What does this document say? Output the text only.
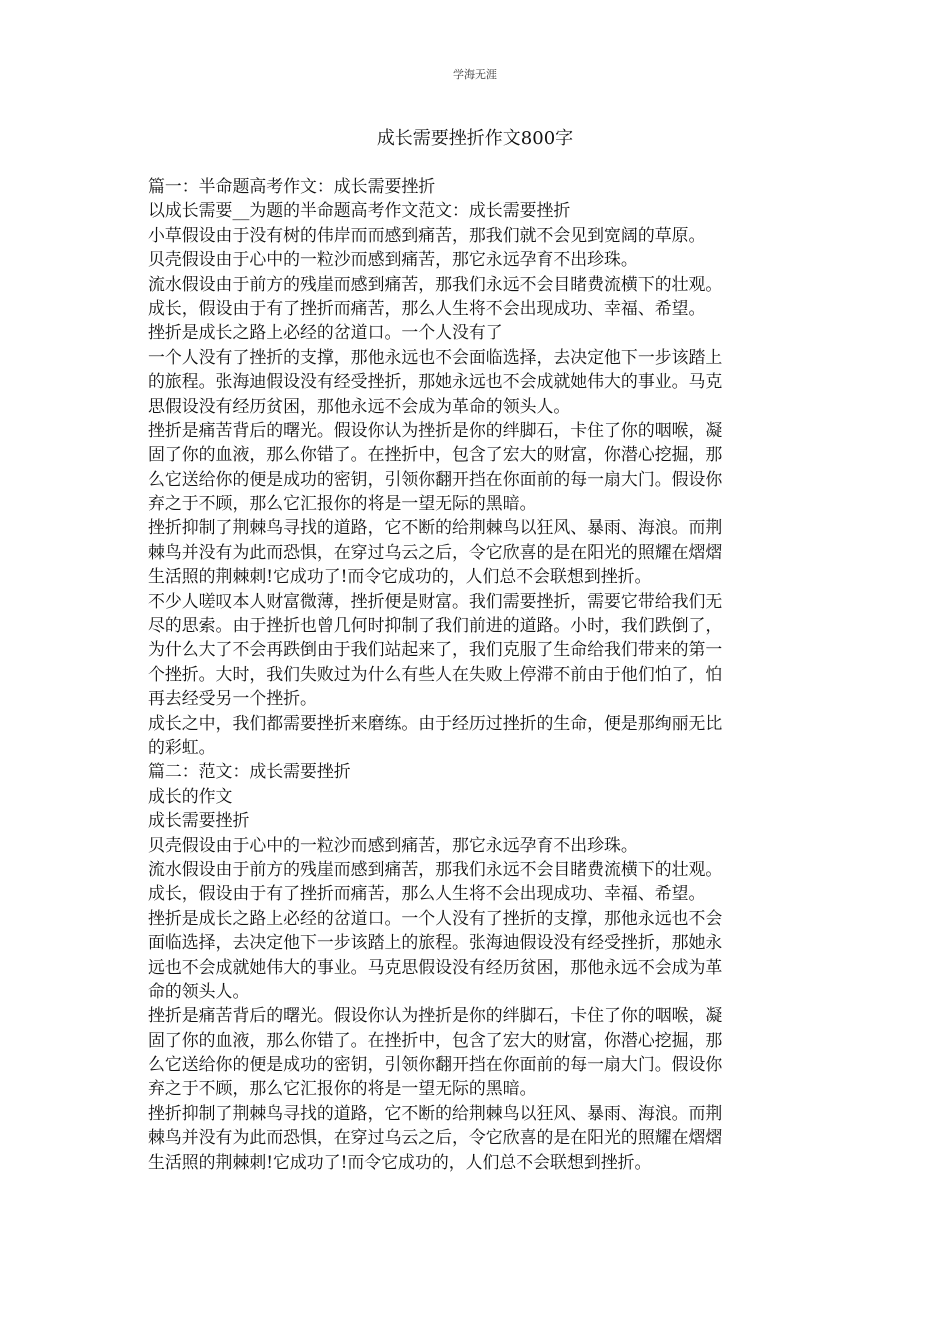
学海无涯
成长需要挫折作文800字
篇一：半命题高考作文：成长需要挫折
以成长需要__为题的半命题高考作文范文：成长需要挫折
小草假设由于没有树的伟岸而而感到痛苦，那我们就不会见到宽阔的草原。
贝壳假设由于心中的一粒沙而感到痛苦，那它永远孕育不出珍珠。
流水假设由于前方的残崖而感到痛苦，那我们永远不会目睹费流横下的壮观。
成长，假设由于有了挫折而痛苦，那么人生将不会出现成功、幸福、希望。
挫折是成长之路上必经的岔道口。一个人没有了
一个人没有了挫折的支撑，那他永远也不会面临选择，去决定他下一步该踏上
的旅程。张海迪假设没有经受挫折，那她永远也不会成就她伟大的事业。马克
思假设没有经历贫困，那他永远不会成为革命的领头人。
挫折是痛苦背后的曙光。假设你认为挫折是你的绊脚石，卡住了你的咽喉，凝
固了你的血液，那么你错了。在挫折中，包含了宏大的财富，你潜心挖掘，那
么它送给你的便是成功的密钥，引领你翻开挡在你面前的每一扇大门。假设你
弃之于不顾，那么它汇报你的将是一望无际的黑暗。
挫折抑制了荆棘鸟寻找的道路，它不断的给荆棘鸟以狂风、暴雨、海浪。而荆
棘鸟并没有为此而恐惧，在穿过乌云之后，令它欣喜的是在阳光的照耀在熠熠
生活照的荆棘刺!它成功了!而令它成功的，人们总不会联想到挫折。
不少人嗟叹本人财富微薄，挫折便是财富。我们需要挫折，需要它带给我们无
尽的思索。由于挫折也曾几何时抑制了我们前进的道路。小时，我们跌倒了，
为什么大了不会再跌倒由于我们站起来了，我们克服了生命给我们带来的第一
个挫折。大时，我们失败过为什么有些人在失败上停滞不前由于他们怕了，怕
再去经受另一个挫折。
成长之中，我们都需要挫折来磨练。由于经历过挫折的生命，便是那绚丽无比
的彩虹。
篇二：范文：成长需要挫折
成长的作文
成长需要挫折
贝壳假设由于心中的一粒沙而感到痛苦，那它永远孕育不出珍珠。
流水假设由于前方的残崖而感到痛苦，那我们永远不会目睹费流横下的壮观。
成长，假设由于有了挫折而痛苦，那么人生将不会出现成功、幸福、希望。
挫折是成长之路上必经的岔道口。一个人没有了挫折的支撑，那他永远也不会
面临选择，去决定他下一步该踏上的旅程。张海迪假设没有经受挫折，那她永
远也不会成就她伟大的事业。马克思假设没有经历贫困，那他永远不会成为革
命的领头人。
挫折是痛苦背后的曙光。假设你认为挫折是你的绊脚石，卡住了你的咽喉，凝
固了你的血液，那么你错了。在挫折中，包含了宏大的财富，你潜心挖掘，那
么它送给你的便是成功的密钥，引领你翻开挡在你面前的每一扇大门。假设你
弃之于不顾，那么它汇报你的将是一望无际的黑暗。
挫折抑制了荆棘鸟寻找的道路，它不断的给荆棘鸟以狂风、暴雨、海浪。而荆
棘鸟并没有为此而恐惧，在穿过乌云之后，令它欣喜的是在阳光的照耀在熠熠
生活照的荆棘刺!它成功了!而令它成功的，人们总不会联想到挫折。
